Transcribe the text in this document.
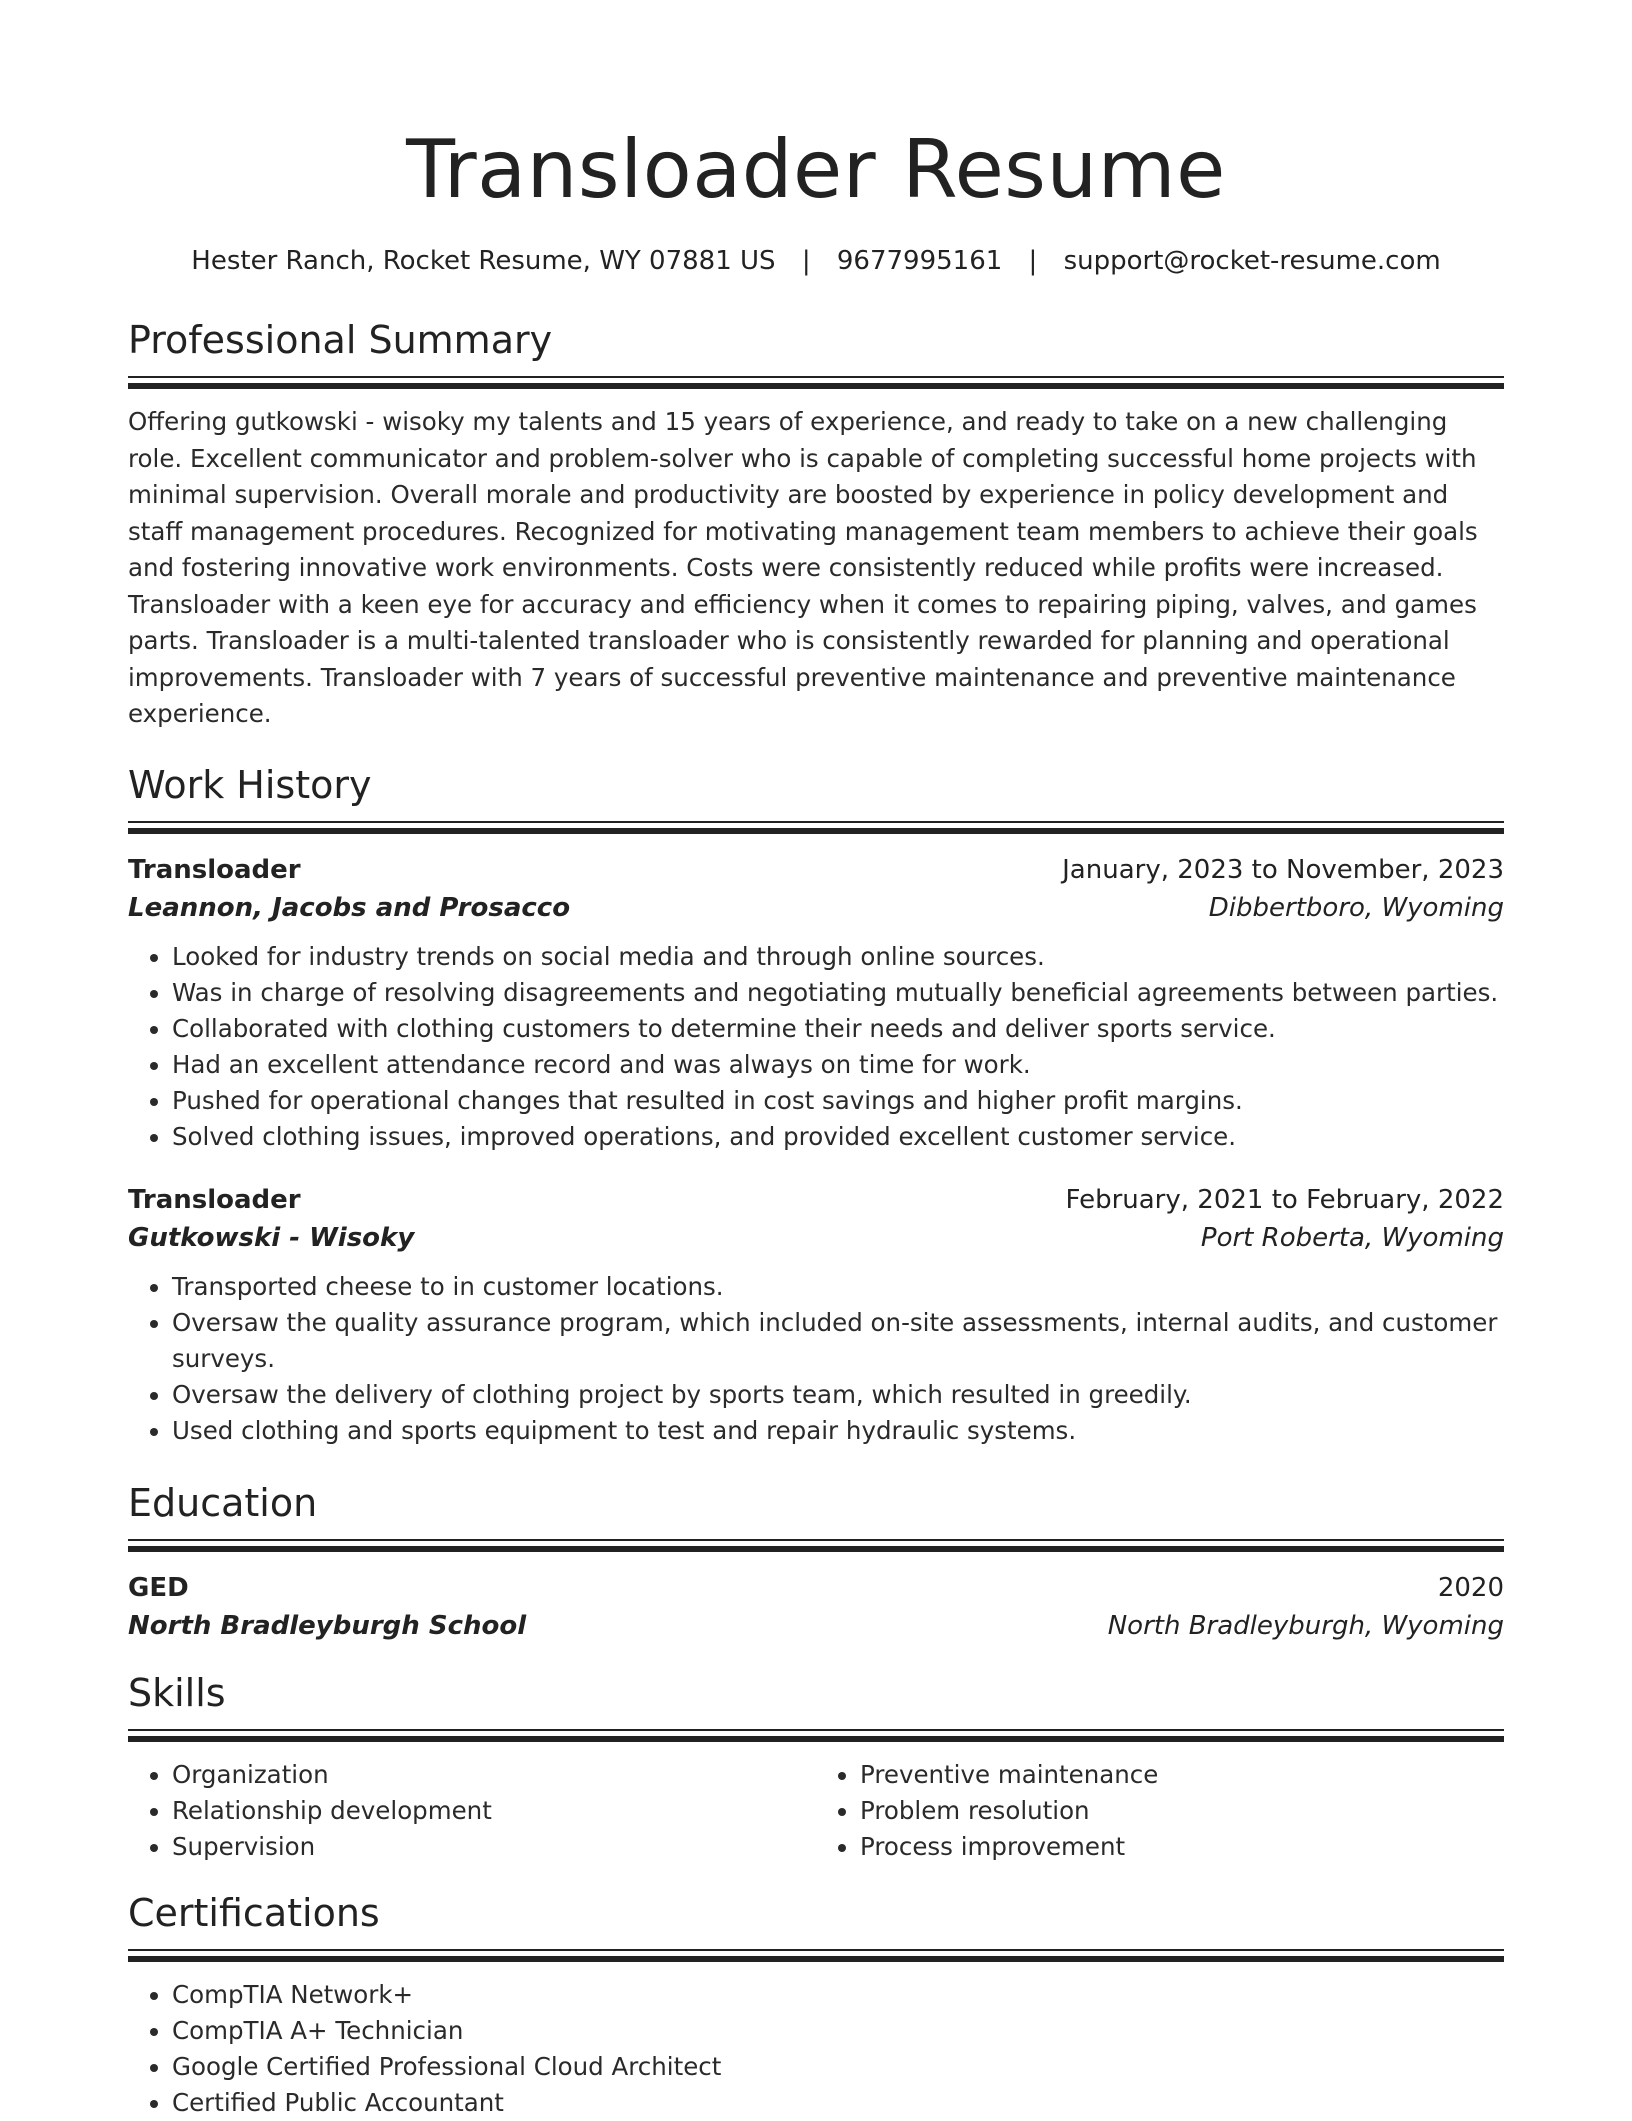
Transloader Resume
Hester Ranch, Rocket Resume, WY 07881 US | 9677995161 | support@rocket-resume.com
Professional Summary

Offering gutkowski - wisoky my talents and 15 years of experience, and ready to take on a new challenging role. Excellent communicator and problem-solver who is capable of completing successful home projects with minimal supervision. Overall morale and productivity are boosted by experience in policy development and staff management procedures. Recognized for motivating management team members to achieve their goals and fostering innovative work environments. Costs were consistently reduced while profits were increased. Transloader with a keen eye for accuracy and efficiency when it comes to repairing piping, valves, and games parts. Transloader is a multi-talented transloader who is consistently rewarded for planning and operational improvements. Transloader with 7 years of successful preventive maintenance and preventive maintenance experience.

Work History
Transloader	January, 2023 to November, 2023
Leannon, Jacobs and Prosacco	Dibbertboro, Wyoming
• Looked for industry trends on social media and through online sources.
• Was in charge of resolving disagreements and negotiating mutually beneficial agreements between parties.
• Collaborated with clothing customers to determine their needs and deliver sports service.
• Had an excellent attendance record and was always on time for work.
• Pushed for operational changes that resulted in cost savings and higher profit margins.
• Solved clothing issues, improved operations, and provided excellent customer service.
Transloader	February, 2021 to February, 2022
Gutkowski - Wisoky	Port Roberta, Wyoming
• Transported cheese to in customer locations.
• Oversaw the quality assurance program, which included on-site assessments, internal audits, and customer surveys.
• Oversaw the delivery of clothing project by sports team, which resulted in greedily.
• Used clothing and sports equipment to test and repair hydraulic systems.
Education
GED	2020
North Bradleyburgh School	North Bradleyburgh, Wyoming
Skills
• Organization
• Relationship development
• Supervision
• Preventive maintenance
• Problem resolution
• Process improvement
Certifications
• CompTIA Network+
• CompTIA A+ Technician
• Google Certified Professional Cloud Architect
• Certified Public Accountant
